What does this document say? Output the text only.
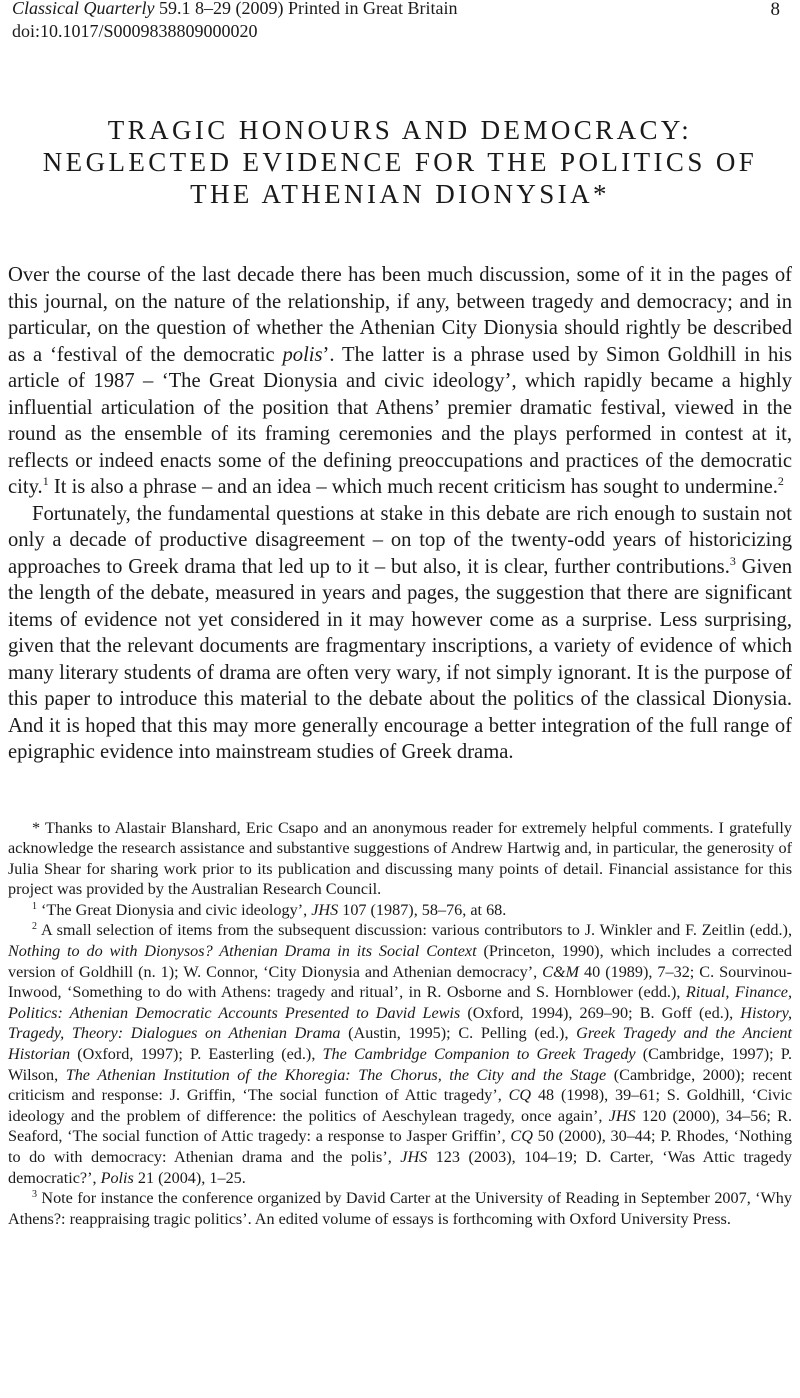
Classical Quarterly 59.1 8–29 (2009) Printed in Great Britain
doi:10.1017/S0009838809000020
8
TRAGIC HONOURS AND DEMOCRACY:
NEGLECTED EVIDENCE FOR THE POLITICS OF
THE ATHENIAN DIONYSIA*

Over the course of the last decade there has been much discussion, some of it in the pages of this journal, on the nature of the relationship, if any, between tragedy and democracy; and in particular, on the question of whether the Athenian City Dionysia should rightly be described as a ‘festival of the democratic polis’. The latter is a phrase used by Simon Goldhill in his article of 1987 – ‘The Great Dionysia and civic ideology’, which rapidly became a highly influential articulation of the position that Athens’ premier dramatic festival, viewed in the round as the ensemble of its framing ceremonies and the plays performed in contest at it, reflects or indeed enacts some of the defining preoccupations and practices of the democratic city.$^1$ It is also a phrase – and an idea – which much recent criticism has sought to undermine.$^2$

Fortunately, the fundamental questions at stake in this debate are rich enough to sustain not only a decade of productive disagreement – on top of the twenty-odd years of historicizing approaches to Greek drama that led up to it – but also, it is clear, further contributions.$^3$ Given the length of the debate, measured in years and pages, the suggestion that there are significant items of evidence not yet considered in it may however come as a surprise. Less surprising, given that the relevant documents are fragmentary inscriptions, a variety of evidence of which many literary students of drama are often very wary, if not simply ignorant. It is the purpose of this paper to introduce this material to the debate about the politics of the classical Dionysia. And it is hoped that this may more generally encourage a better integration of the full range of epigraphic evidence into mainstream studies of Greek drama.

* Thanks to Alastair Blanshard, Eric Csapo and an anonymous reader for extremely helpful comments. I gratefully acknowledge the research assistance and substantive suggestions of Andrew Hartwig and, in particular, the generosity of Julia Shear for sharing work prior to its publication and discussing many points of detail. Financial assistance for this project was provided by the Australian Research Council.

$^1$ ‘The Great Dionysia and civic ideology’, JHS 107 (1987), 58–76, at 68.

$^2$ A small selection of items from the subsequent discussion: various contributors to J. Winkler and F. Zeitlin (edd.), Nothing to do with Dionysos? Athenian Drama in its Social Context (Princeton, 1990), which includes a corrected version of Goldhill (n. 1); W. Connor, ‘City Dionysia and Athenian democracy’, C&M 40 (1989), 7–32; C. Sourvinou-Inwood, ‘Something to do with Athens: tragedy and ritual’, in R. Osborne and S. Hornblower (edd.), Ritual, Finance, Politics: Athenian Democratic Accounts Presented to David Lewis (Oxford, 1994), 269–90; B. Goff (ed.), History, Tragedy, Theory: Dialogues on Athenian Drama (Austin, 1995); C. Pelling (ed.), Greek Tragedy and the Ancient Historian (Oxford, 1997); P. Easterling (ed.), The Cambridge Companion to Greek Tragedy (Cambridge, 1997); P. Wilson, The Athenian Institution of the Khoregia: The Chorus, the City and the Stage (Cambridge, 2000); recent criticism and response: J. Griffin, ‘The social function of Attic tragedy’, CQ 48 (1998), 39–61; S. Goldhill, ‘Civic ideology and the problem of difference: the politics of Aeschylean tragedy, once again’, JHS 120 (2000), 34–56; R. Seaford, ‘The social function of Attic tragedy: a response to Jasper Griffin’, CQ 50 (2000), 30–44; P. Rhodes, ‘Nothing to do with democracy: Athenian drama and the polis’, JHS 123 (2003), 104–19; D. Carter, ‘Was Attic tragedy democratic?’, Polis 21 (2004), 1–25.

$^3$ Note for instance the conference organized by David Carter at the University of Reading in September 2007, ‘Why Athens?: reappraising tragic politics’. An edited volume of essays is forthcoming with Oxford University Press.
